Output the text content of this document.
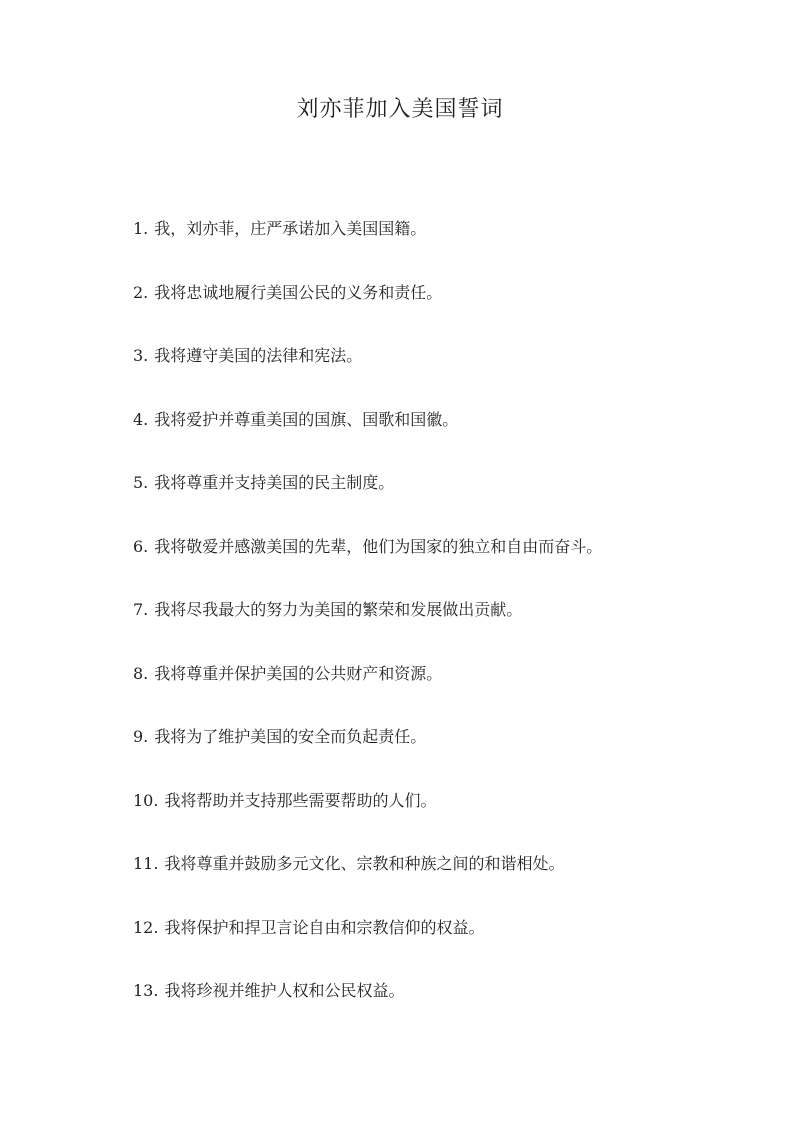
刘亦菲加入美国誓词
1. 我，刘亦菲，庄严承诺加入美国国籍。
2. 我将忠诚地履行美国公民的义务和责任。
3. 我将遵守美国的法律和宪法。
4. 我将爱护并尊重美国的国旗、国歌和国徽。
5. 我将尊重并支持美国的民主制度。
6. 我将敬爱并感激美国的先辈，他们为国家的独立和自由而奋斗。
7. 我将尽我最大的努力为美国的繁荣和发展做出贡献。
8. 我将尊重并保护美国的公共财产和资源。
9. 我将为了维护美国的安全而负起责任。
10. 我将帮助并支持那些需要帮助的人们。
11. 我将尊重并鼓励多元文化、宗教和种族之间的和谐相处。
12. 我将保护和捍卫言论自由和宗教信仰的权益。
13. 我将珍视并维护人权和公民权益。
